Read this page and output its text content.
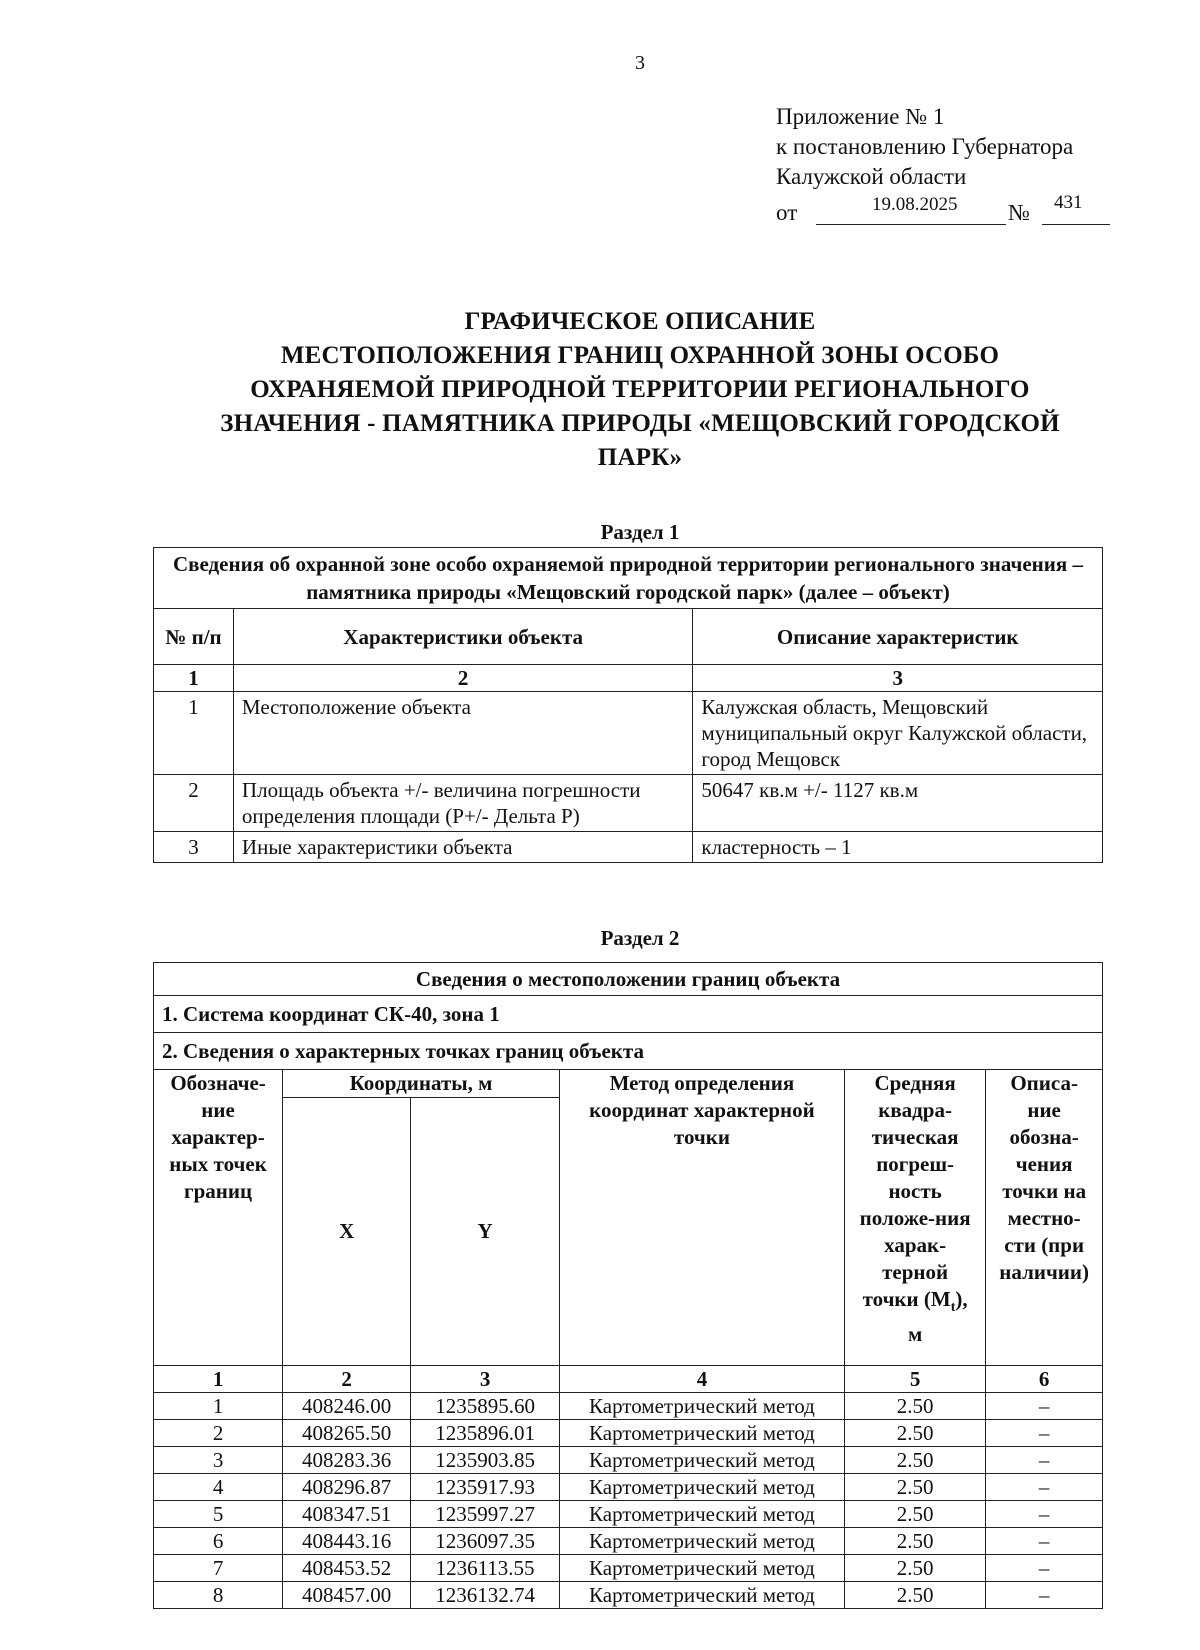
3
Приложение № 1
к постановлению Губернатора
Калужской области
от	19.08.2025 № 431
ГРАФИЧЕСКОЕ ОПИСАНИЕ
МЕСТОПОЛОЖЕНИЯ ГРАНИЦ ОХРАННОЙ ЗОНЫ ОСОБО
ОХРАНЯЕМОЙ ПРИРОДНОЙ ТЕРРИТОРИИ РЕГИОНАЛЬНОГО
ЗНАЧЕНИЯ - ПАМЯТНИКА ПРИРОДЫ «МЕЩОВСКИЙ ГОРОДСКОЙ
ПАРК»
Раздел 1
Сведения об охранной зоне особо охраняемой природной территории регионального значения – памятника природы «Мещовский городской парк» (далее – объект)		
№ п/п	Характеристики объекта	Описание характеристик
1	2	3
1	Местоположение объекта	Калужская область, Мещовский муниципальный округ Калужской области, город Мещовск
2	Площадь объекта +/- величина погрешности определения площади (P+/- Дельта P)	50647 кв.м +/- 1127 кв.м
3	Иные характеристики объекта	кластерность – 1
Раздел 2
Сведения о местоположении границ объекта					
1. Система координат СК-40, зона 1					
2. Сведения о характерных точках границ объекта					
Обозначе-ние характер-ных точек границ	Координаты, м		Метод определения координат характерной точки	Средняя квадра-тическая погреш-ность положе-ния харак-терной точки $(M_t)$, м	Описа-ние обозна-чения точки на местно-сти (при наличии)
	X	Y			
1	2	3	4	5	6
1	408246.00	1235895.60	Картометрический метод	2.50	–
2	408265.50	1235896.01	Картометрический метод	2.50	–
3	408283.36	1235903.85	Картометрический метод	2.50	–
4	408296.87	1235917.93	Картометрический метод	2.50	–
5	408347.51	1235997.27	Картометрический метод	2.50	–
6	408443.16	1236097.35	Картометрический метод	2.50	–
7	408453.52	1236113.55	Картометрический метод	2.50	–
8	408457.00	1236132.74	Картометрический метод	2.50	–
